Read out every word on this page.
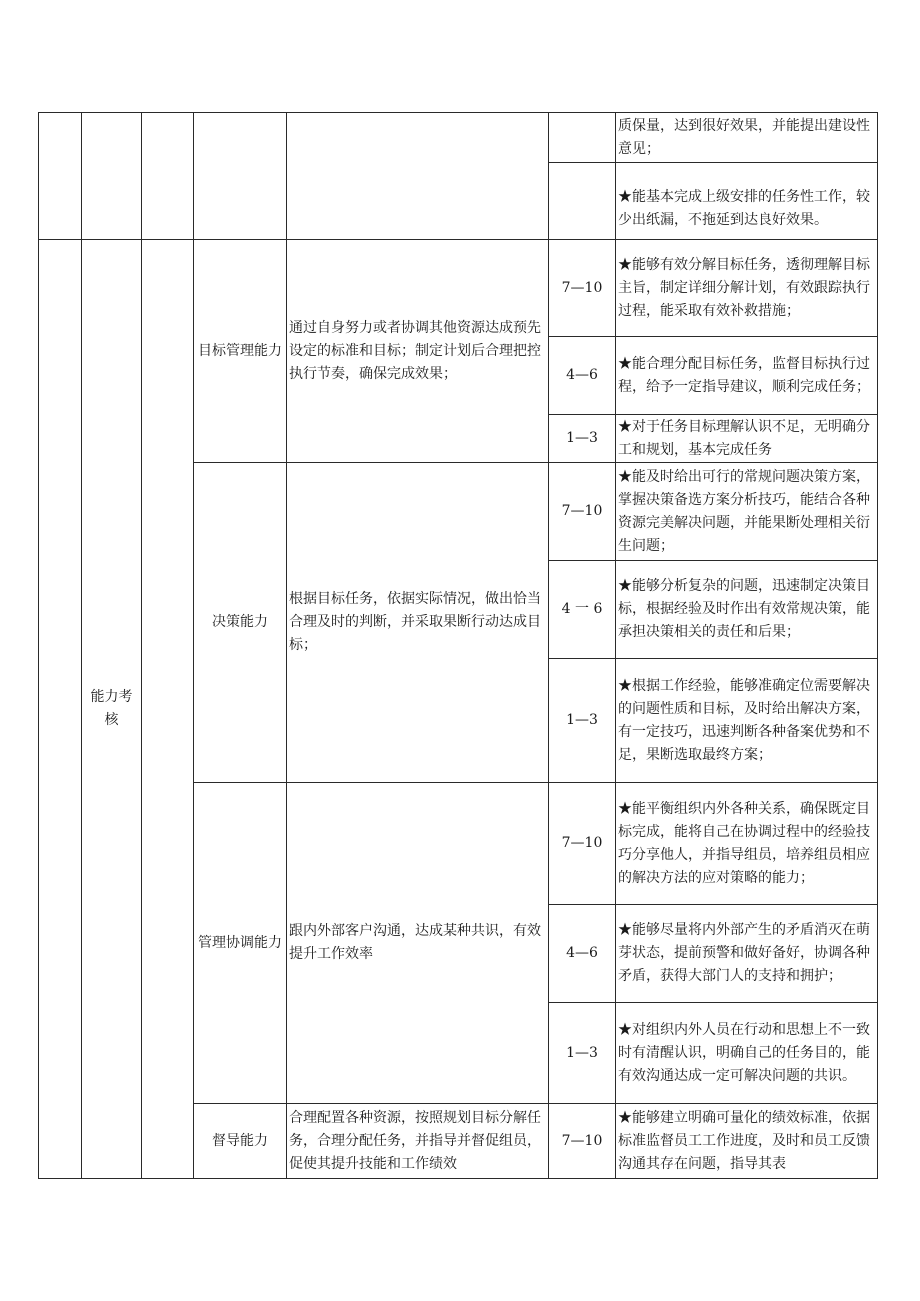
						质保量，达到很好效果，并能提出建设性意见；
						★能基本完成上级安排的任务性工作，较少出纸漏，不拖延到达良好效果。
	能力考核		目标管理能力	通过自身努力或者协调其他资源达成预先设定的标准和目标；制定计划后合理把控执行节奏，确保完成效果；	7—10	★能够有效分解目标任务，透彻理解目标主旨，制定详细分解计划，有效跟踪执行过程，能采取有效补救措施；
					4—6	★能合理分配目标任务，监督目标执行过程，给予一定指导建议，顺利完成任务；
					1—3	★对于任务目标理解认识不足，无明确分工和规划，基本完成任务
			决策能力	根据目标任务，依据实际情况，做出恰当合理及时的判断，并采取果断行动达成目标；	7—10	★能及时给出可行的常规问题决策方案，掌握决策备选方案分析技巧，能结合各种资源完美解决问题，并能果断处理相关衍生问题；
					4 一 6	★能够分析复杂的问题，迅速制定决策目标，根据经验及时作出有效常规决策，能承担决策相关的责任和后果；
					1—3	★根据工作经验，能够准确定位需要解决的问题性质和目标，及时给出解决方案，有一定技巧，迅速判断各种备案优势和不足，果断选取最终方案；
			管理协调能力	跟内外部客户沟通，达成某种共识，有效提升工作效率	7—10	★能平衡组织内外各种关系，确保既定目标完成，能将自己在协调过程中的经验技巧分享他人，并指导组员，培养组员相应的解决方法的应对策略的能力；
					4—6	★能够尽量将内外部产生的矛盾消灭在萌芽状态，提前预警和做好备好，协调各种矛盾，获得大部门人的支持和拥护；
					1—3	★对组织内外人员在行动和思想上不一致时有清醒认识，明确自己的任务目的，能有效沟通达成一定可解决问题的共识。
			督导能力	合理配置各种资源，按照规划目标分解任务，合理分配任务，并指导并督促组员，促使其提升技能和工作绩效	7—10	★能够建立明确可量化的绩效标准，依据标准监督员工工作进度，及时和员工反馈沟通其存在问题，指导其表
